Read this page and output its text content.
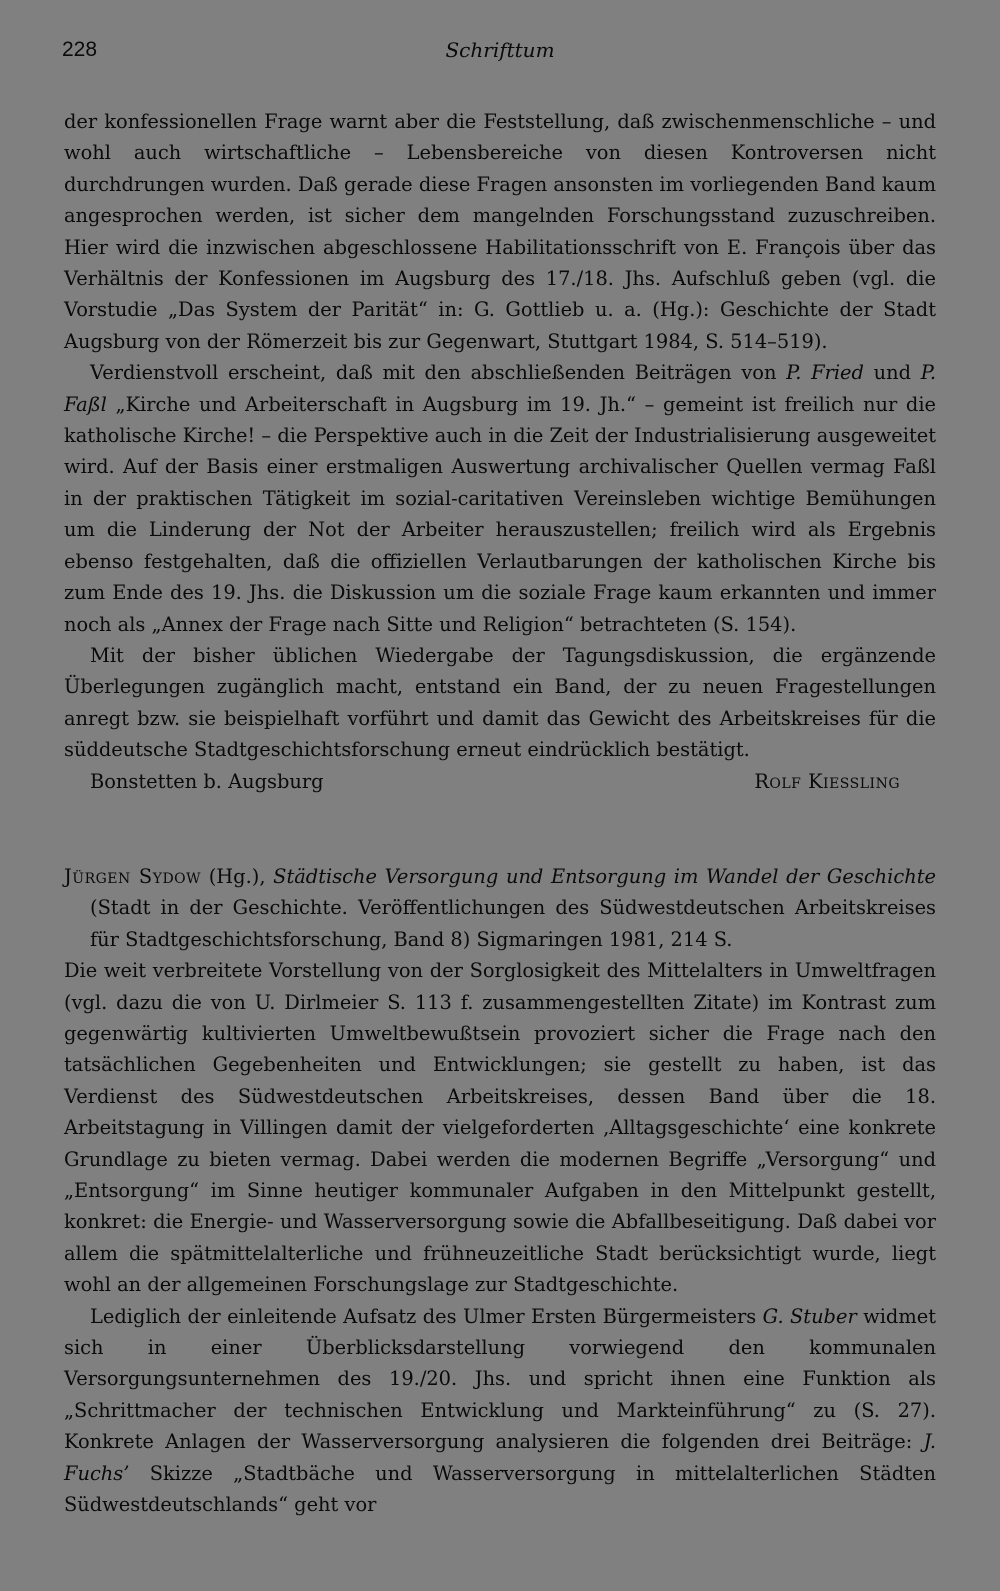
228	Schrifttum

der konfessionellen Frage warnt aber die Feststellung, daß zwischenmenschliche – und wohl auch wirtschaftliche – Lebensbereiche von diesen Kontroversen nicht durchdrungen wurden. Daß gerade diese Fragen ansonsten im vorliegenden Band kaum angesprochen werden, ist sicher dem mangelnden Forschungsstand zuzuschreiben. Hier wird die inzwischen abgeschlossene Habilitationsschrift von E. François über das Verhältnis der Konfessionen im Augsburg des 17./18. Jhs. Aufschluß geben (vgl. die Vorstudie „Das System der Parität“ in: G. Gottlieb u. a. (Hg.): Geschichte der Stadt Augsburg von der Römerzeit bis zur Gegenwart, Stuttgart 1984, S. 514–519).

Verdienstvoll erscheint, daß mit den abschließenden Beiträgen von P. Fried und P. Faßl „Kirche und Arbeiterschaft in Augsburg im 19. Jh.“ – gemeint ist freilich nur die katholische Kirche! – die Perspektive auch in die Zeit der Industrialisierung ausgeweitet wird. Auf der Basis einer erstmaligen Auswertung archivalischer Quellen vermag Faßl in der praktischen Tätigkeit im sozial-caritativen Vereinsleben wichtige Bemühungen um die Linderung der Not der Arbeiter herauszustellen; freilich wird als Ergebnis ebenso festgehalten, daß die offiziellen Verlautbarungen der katholischen Kirche bis zum Ende des 19. Jhs. die Diskussion um die soziale Frage kaum erkannten und immer noch als „Annex der Frage nach Sitte und Religion“ betrachteten (S. 154).

Mit der bisher üblichen Wiedergabe der Tagungsdiskussion, die ergänzende Überlegungen zugänglich macht, entstand ein Band, der zu neuen Fragestellungen anregt bzw. sie beispielhaft vorführt und damit das Gewicht des Arbeitskreises für die süddeutsche Stadtgeschichtsforschung erneut eindrücklich bestätigt.

Bonstetten b. Augsburg	Rolf Kiessling

Jürgen Sydow (Hg.), Städtische Versorgung und Entsorgung im Wandel der Geschichte (Stadt in der Geschichte. Veröffentlichungen des Südwestdeutschen Arbeitskreises für Stadtgeschichtsforschung, Band 8) Sigmaringen 1981, 214 S.

Die weit verbreitete Vorstellung von der Sorglosigkeit des Mittelalters in Umweltfragen (vgl. dazu die von U. Dirlmeier S. 113 f. zusammengestellten Zitate) im Kontrast zum gegenwärtig kultivierten Umweltbewußtsein provoziert sicher die Frage nach den tatsächlichen Gegebenheiten und Entwicklungen; sie gestellt zu haben, ist das Verdienst des Südwestdeutschen Arbeitskreises, dessen Band über die 18. Arbeitstagung in Villingen damit der vielgeforderten ‚Alltagsgeschichte‘ eine konkrete Grundlage zu bieten vermag. Dabei werden die modernen Begriffe „Versorgung“ und „Entsorgung“ im Sinne heutiger kommunaler Aufgaben in den Mittelpunkt gestellt, konkret: die Energie- und Wasserversorgung sowie die Abfallbeseitigung. Daß dabei vor allem die spätmittelalterliche und frühneuzeitliche Stadt berücksichtigt wurde, liegt wohl an der allgemeinen Forschungslage zur Stadtgeschichte.

Lediglich der einleitende Aufsatz des Ulmer Ersten Bürgermeisters G. Stuber widmet sich in einer Überblicksdarstellung vorwiegend den kommunalen Versorgungsunternehmen des 19./20. Jhs. und spricht ihnen eine Funktion als „Schrittmacher der technischen Entwicklung und Markteinführung“ zu (S. 27). Konkrete Anlagen der Wasserversorgung analysieren die folgenden drei Beiträge: J. Fuchs’ Skizze „Stadtbäche und Wasserversorgung in mittelalterlichen Städten Südwestdeutschlands“ geht vor
